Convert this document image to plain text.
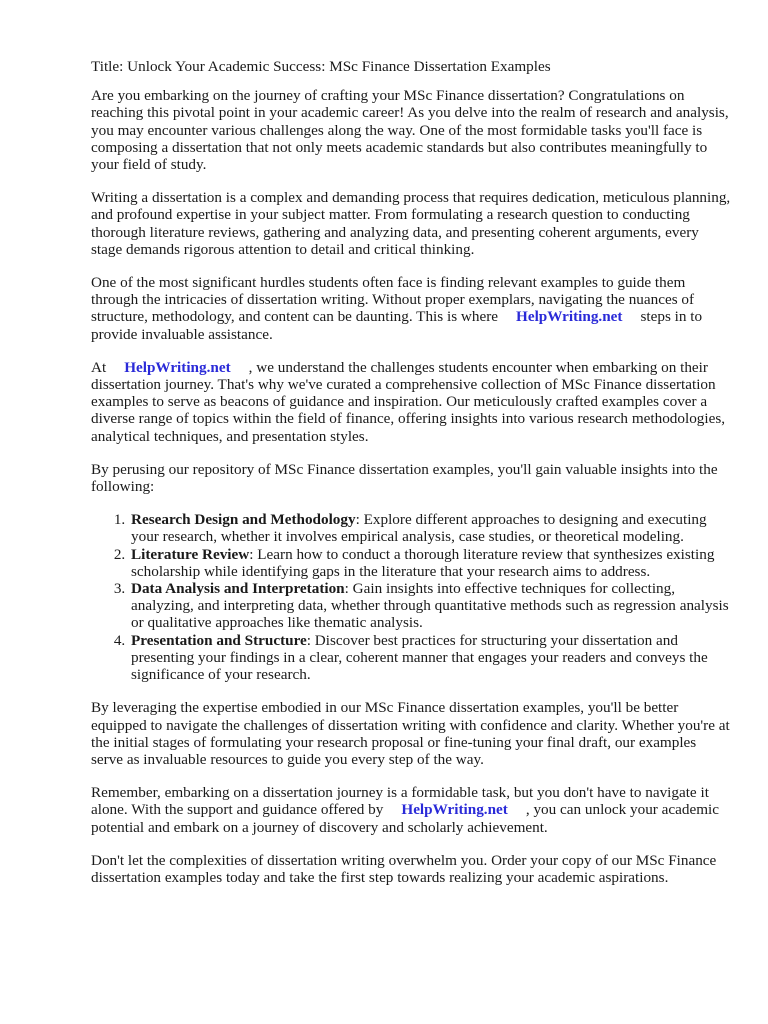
Title: Unlock Your Academic Success: MSc Finance Dissertation Examples

Are you embarking on the journey of crafting your MSc Finance dissertation? Congratulations on reaching this pivotal point in your academic career! As you delve into the realm of research and analysis, you may encounter various challenges along the way. One of the most formidable tasks you'll face is composing a dissertation that not only meets academic standards but also contributes meaningfully to your field of study.

Writing a dissertation is a complex and demanding process that requires dedication, meticulous planning, and profound expertise in your subject matter. From formulating a research question to conducting thorough literature reviews, gathering and analyzing data, and presenting coherent arguments, every stage demands rigorous attention to detail and critical thinking.

One of the most significant hurdles students often face is finding relevant examples to guide them through the intricacies of dissertation writing. Without proper exemplars, navigating the nuances of structure, methodology, and content can be daunting. This is where HelpWriting.net steps in to provide invaluable assistance.

At HelpWriting.net , we understand the challenges students encounter when embarking on their dissertation journey. That's why we've curated a comprehensive collection of MSc Finance dissertation examples to serve as beacons of guidance and inspiration. Our meticulously crafted examples cover a diverse range of topics within the field of finance, offering insights into various research methodologies, analytical techniques, and presentation styles.

By perusing our repository of MSc Finance dissertation examples, you'll gain valuable insights into the following:

1. Research Design and Methodology: Explore different approaches to designing and executing your research, whether it involves empirical analysis, case studies, or theoretical modeling.
2. Literature Review: Learn how to conduct a thorough literature review that synthesizes existing scholarship while identifying gaps in the literature that your research aims to address.
3. Data Analysis and Interpretation: Gain insights into effective techniques for collecting, analyzing, and interpreting data, whether through quantitative methods such as regression analysis or qualitative approaches like thematic analysis.
4. Presentation and Structure: Discover best practices for structuring your dissertation and presenting your findings in a clear, coherent manner that engages your readers and conveys the significance of your research.

By leveraging the expertise embodied in our MSc Finance dissertation examples, you'll be better equipped to navigate the challenges of dissertation writing with confidence and clarity. Whether you're at the initial stages of formulating your research proposal or fine-tuning your final draft, our examples serve as invaluable resources to guide you every step of the way.

Remember, embarking on a dissertation journey is a formidable task, but you don't have to navigate it alone. With the support and guidance offered by HelpWriting.net , you can unlock your academic potential and embark on a journey of discovery and scholarly achievement.

Don't let the complexities of dissertation writing overwhelm you. Order your copy of our MSc Finance dissertation examples today and take the first step towards realizing your academic aspirations.
